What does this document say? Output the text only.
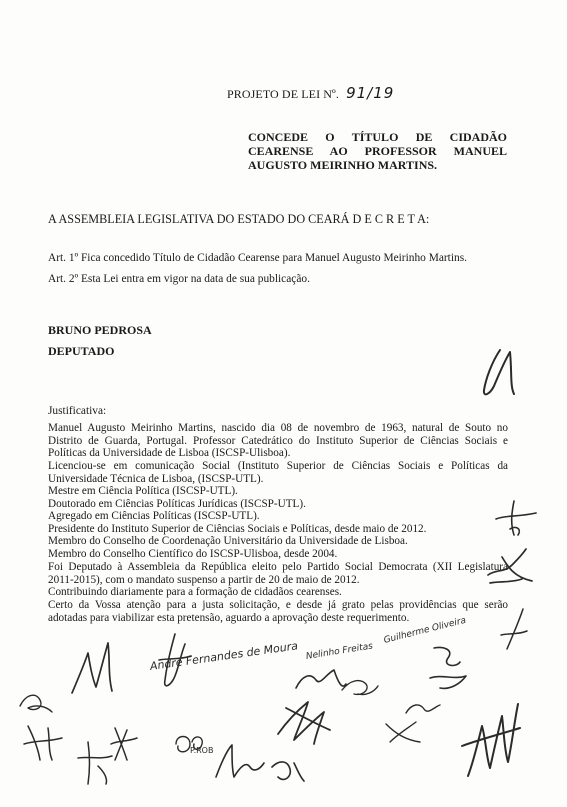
PROJETO DE LEI Nº. 91/19
CONCEDE O TÍTULO DE CIDADÃO
CEARENSE AO PROFESSOR MANUEL
AUGUSTO MEIRINHO MARTINS.
A ASSEMBLEIA LEGISLATIVA DO ESTADO DO CEARÁ D E C R E T A:
Art. 1º Fica concedido Título de Cidadão Cearense para Manuel Augusto Meirinho Martins.
Art. 2º Esta Lei entra em vigor na data de sua publicação.
BRUNO PEDROSA
DEPUTADO
Justificativa:
Manuel Augusto Meirinho Martins, nascido dia 08 de novembro de 1963, natural de Souto no
Distrito de Guarda, Portugal. Professor Catedrático do Instituto Superior de Ciências Sociais e
Políticas da Universidade de Lisboa (ISCSP-Ulisboa).
Licenciou-se em comunicação Social (Instituto Superior de Ciências Sociais e Políticas da
Universidade Técnica de Lisboa, (ISCSP-UTL).
Mestre em Ciência Política (ISCSP-UTL).
Doutorado em Ciências Políticas Jurídicas (ISCSP-UTL).
Agregado em Ciências Políticas (ISCSP-UTL).
Presidente do Instituto Superior de Ciências Sociais e Políticas, desde maio de 2012.
Membro do Conselho de Coordenação Universitário da Universidade de Lisboa.
Membro do Conselho Científico do ISCSP-Ulisboa, desde 2004.
Foi Deputado à Assembleia da República eleito pelo Partido Social Democrata (XII Legislatura
2011-2015), com o mandato suspenso a partir de 20 de maio de 2012.
Contribuindo diariamente para a formação de cidadãos cearenses.
Certo da Vossa atenção para a justa solicitação, e desde já grato pelas providências que serão
adotadas para viabilizar esta pretensão, aguardo a aprovação deste requerimento.
André Fernandes de Moura Nelinho Freitas
Guilherme Oliveira
P.ROB
